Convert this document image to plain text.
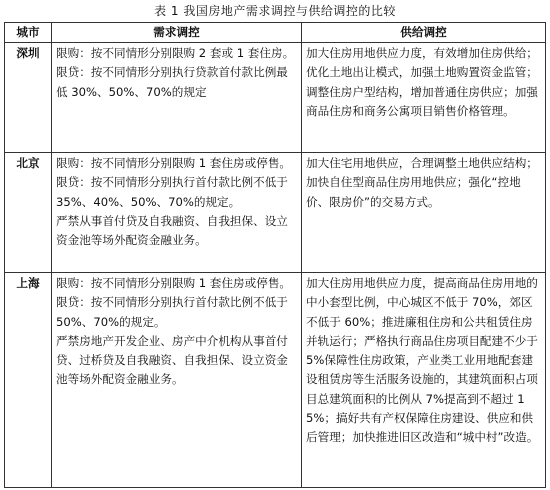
表 1 我国房地产需求调控与供给调控的比较
城市	需求调控	供给调控
深圳	限购：按不同情形分别限购 2 套或 1 套住房。
限贷：按不同情形分别执行贷款首付款比例最低 30%、50%、70%的规定	加大住房用地供应力度，有效增加住房供给；优化土地出让模式，加强土地购置资金监管；调整住房户型结构，增加普通住房供应；加强商品住房和商务公寓项目销售价格管理。

北京	限购：按不同情形分别限购 1 套住房或停售。
限贷：按不同情形分别执行首付款比例不低于 35%、40%、50%、70%的规定。
严禁从事首付贷及自我融资、自我担保、设立资金池等场外配资金融业务。	加大住宅用地供应，合理调整土地供应结构；加快自住型商品住房用地供应；强化“控地价、限房价”的交易方式。

上海	限购：按不同情形分别限购 1 套住房或停售。
限贷：按不同情形分别执行首付款比例不低于 50%、70%的规定。
严禁房地产开发企业、房产中介机构从事首付贷、过桥贷及自我融资、自我担保、设立资金池等场外配资金融业务。	加大住房用地供应力度，提高商品住房用地的中小套型比例，中心城区不低于 70%，郊区不低于 60%；推进廉租住房和公共租赁住房并轨运行；严格执行商品住房项目配建不少于 5%保障性住房政策，产业类工业用地配套建设租赁房等生活服务设施的，其建筑面积占项目总建筑面积的比例从 7%提高到不超过 15%；搞好共有产权保障住房建设、供应和供后管理；加快推进旧区改造和“城中村”改造。
